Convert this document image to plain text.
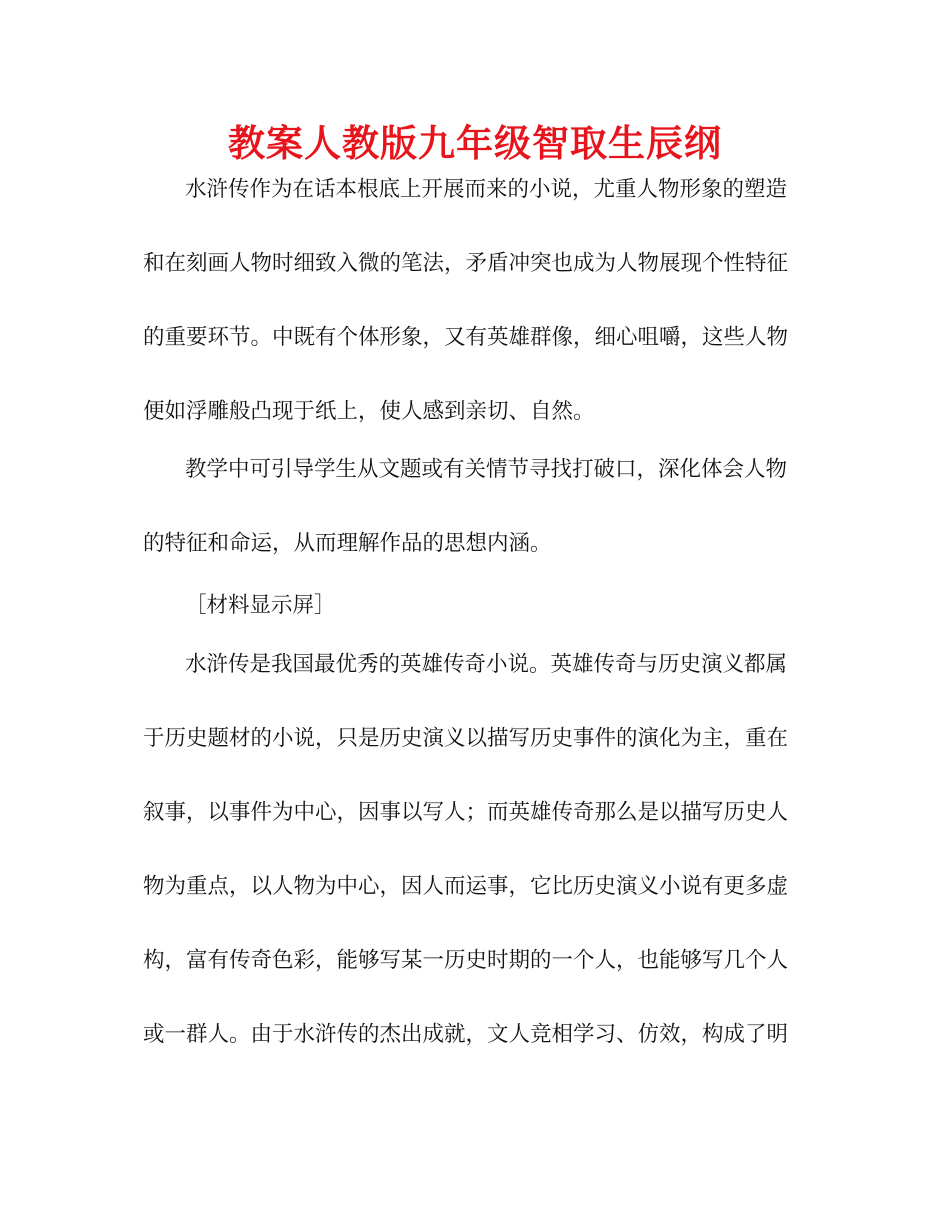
教案人教版九年级智取生辰纲

水浒传作为在话本根底上开展而来的小说，尤重人物形象的塑造

和在刻画人物时细致入微的笔法，矛盾冲突也成为人物展现个性特征

的重要环节。中既有个体形象，又有英雄群像，细心咀嚼，这些人物

便如浮雕般凸现于纸上，使人感到亲切、自然。

教学中可引导学生从文题或有关情节寻找打破口，深化体会人物

的特征和命运，从而理解作品的思想内涵。

［材料显示屏］

水浒传是我国最优秀的英雄传奇小说。英雄传奇与历史演义都属

于历史题材的小说，只是历史演义以描写历史事件的演化为主，重在

叙事，以事件为中心，因事以写人；而英雄传奇那么是以描写历史人

物为重点，以人物为中心，因人而运事，它比历史演义小说有更多虚

构，富有传奇色彩，能够写某一历史时期的一个人，也能够写几个人

或一群人。由于水浒传的杰出成就，文人竞相学习、仿效，构成了明
